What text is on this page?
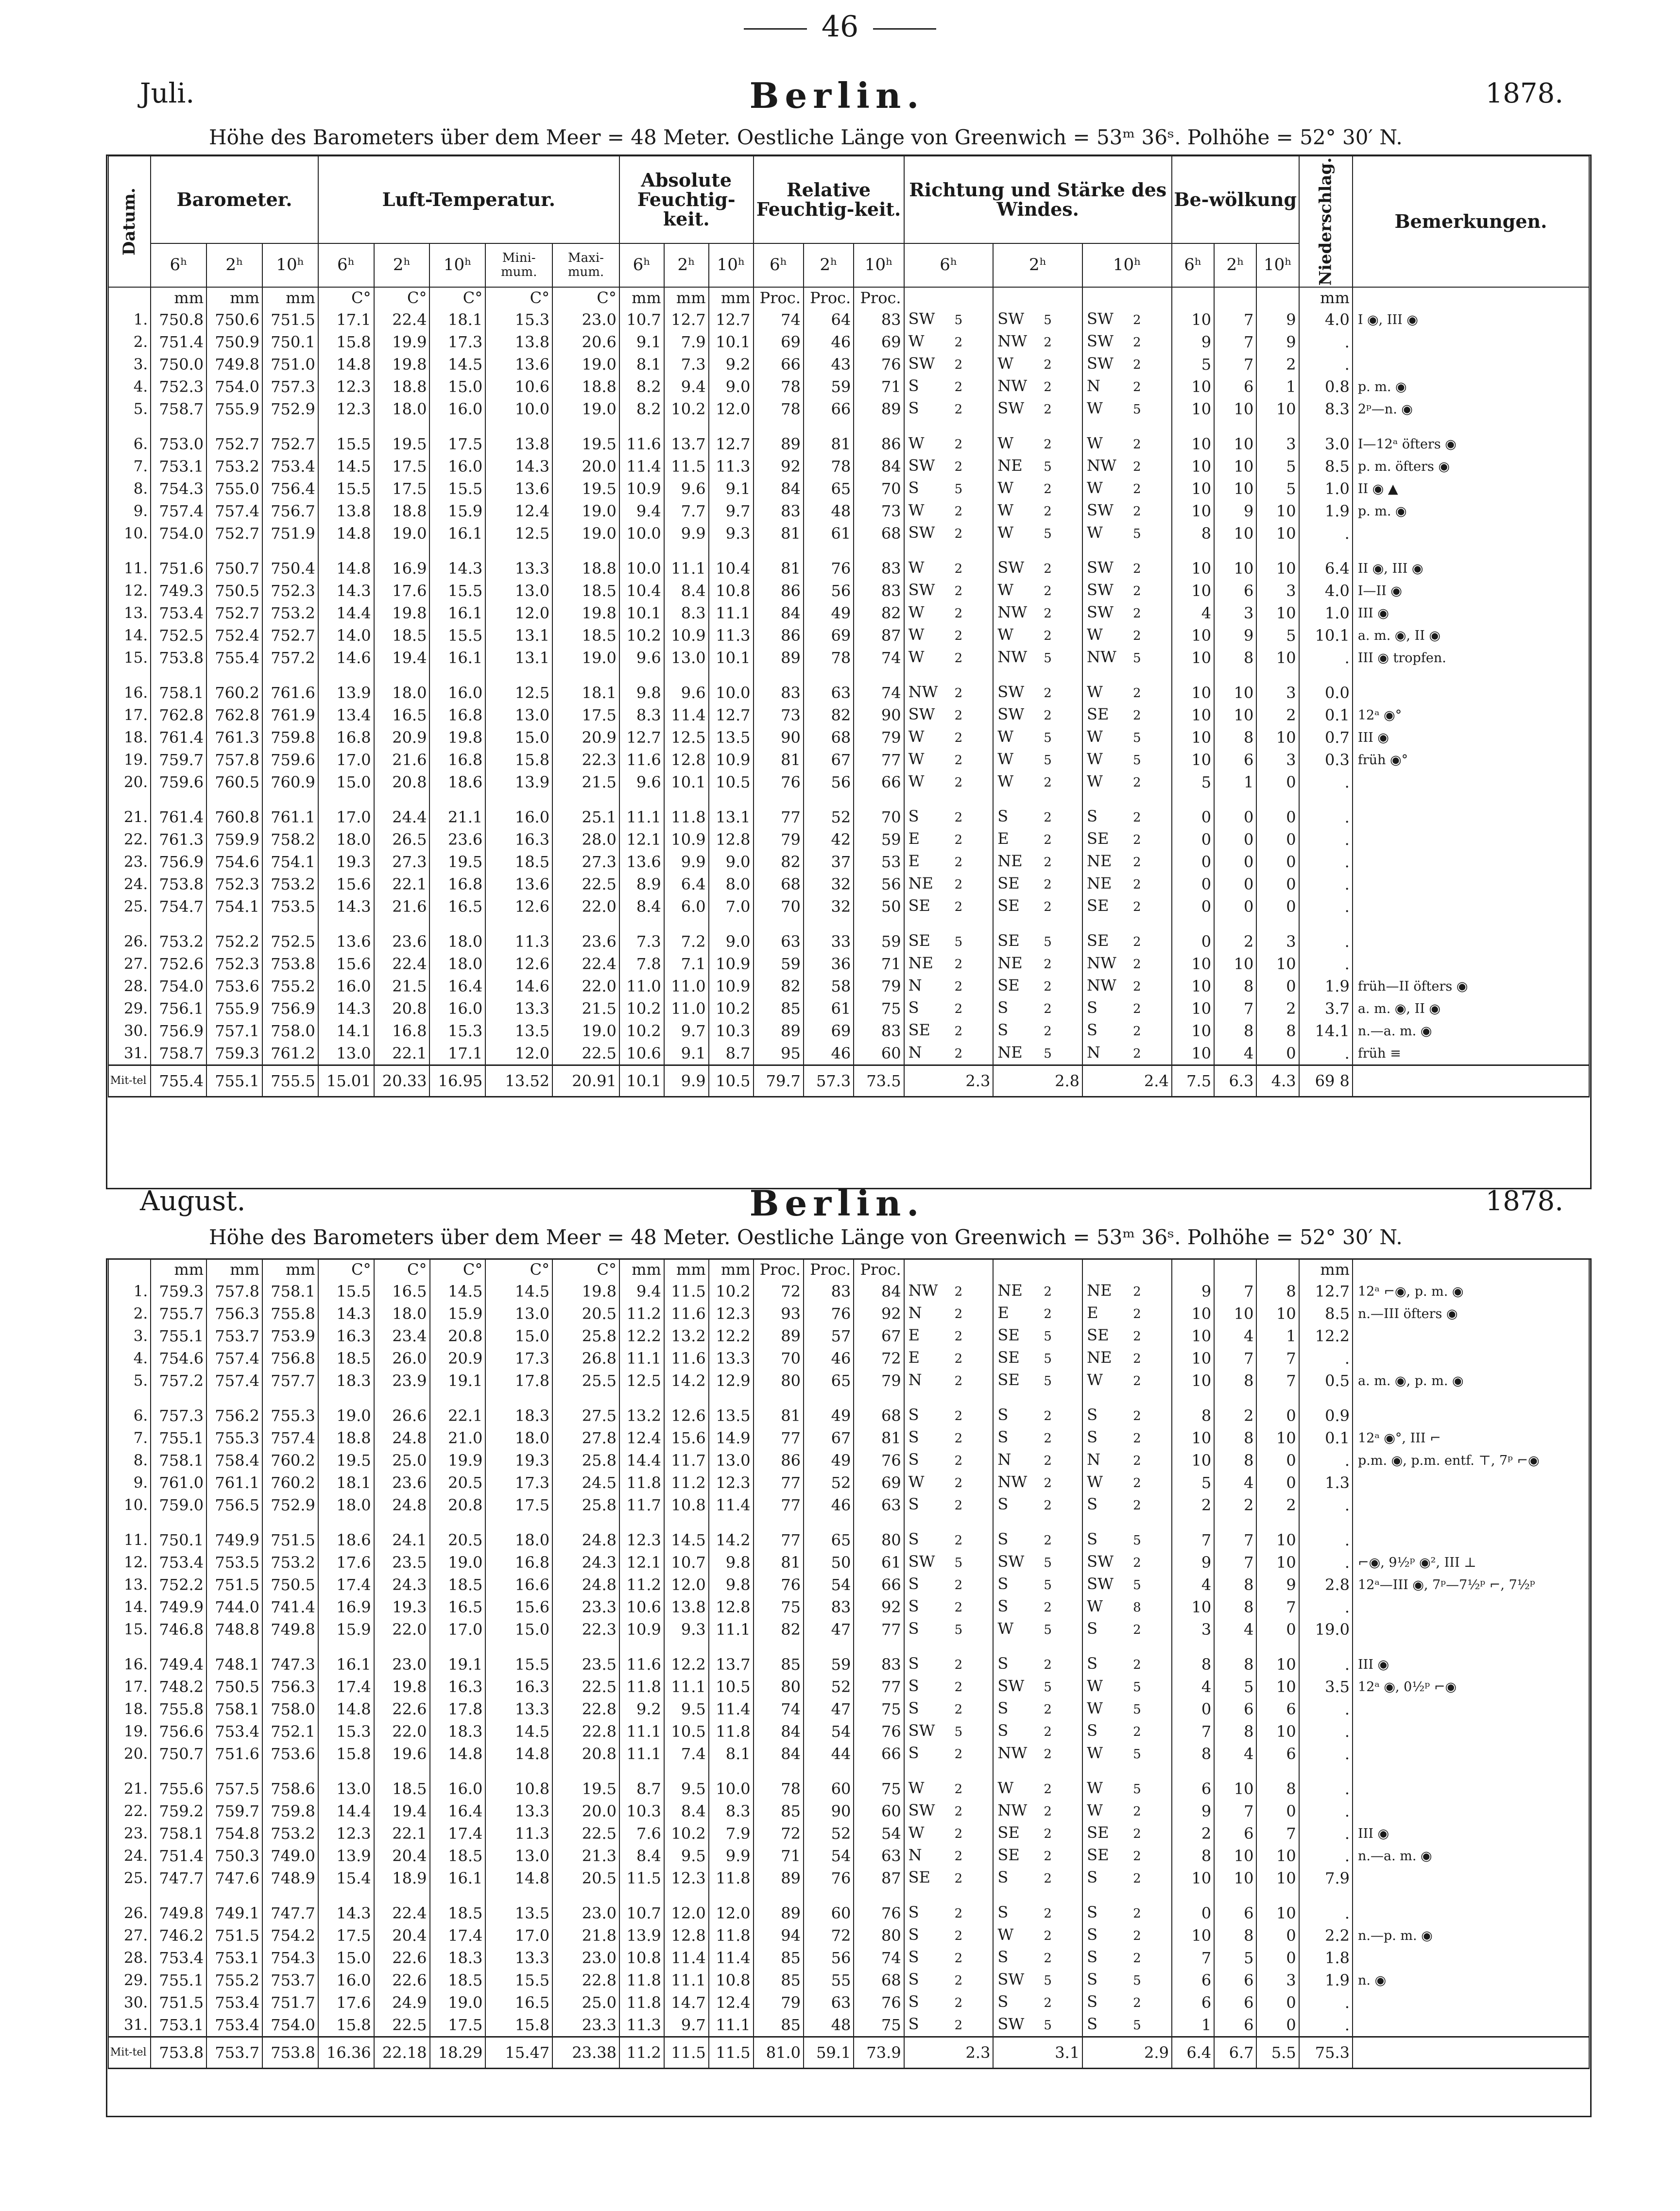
46
Juli.	Berlin.	1878.
Höhe des Barometers über dem Meer = 48 Meter. Oestliche Länge von Greenwich = 53ᵐ 36ˢ. Polhöhe = 52° 30′ N.
Datum.	Barometer.			Luft-Temperatur.					Absolute Feuchtig-keit.			Relative Feuchtig-keit.			Richtung und Stärke des Windes.			Be-wölkung			Niederschlag.	Bemerkungen.
	6ʰ	2ʰ	10ʰ	6ʰ	2ʰ	10ʰ	Mini-mum.	Maxi-mum.	6ʰ	2ʰ	10ʰ	6ʰ	2ʰ	10ʰ	6ʰ	2ʰ	10ʰ	6ʰ	2ʰ	10ʰ		
	mm	mm	mm	C°	C°	C°	C°	C°	mm	mm	mm	Proc.	Proc.	Proc.							mm	
1.	750.8	750.6	751.5	17.1	22.4	18.1	15.3	23.0	10.7	12.7	12.7	74	64	83	SW 5	SW 5	SW 2	10	7	9	4.0	I ◉, III ◉
2.	751.4	750.9	750.1	15.8	19.9	17.3	13.8	20.6	9.1	7.9	10.1	69	46	69	W 2	NW 2	SW 2	9	7	9	.	
3.	750.0	749.8	751.0	14.8	19.8	14.5	13.6	19.0	8.1	7.3	9.2	66	43	76	SW 2	W 2	SW 2	5	7	2	.	
4.	752.3	754.0	757.3	12.3	18.8	15.0	10.6	18.8	8.2	9.4	9.0	78	59	71	S 2	NW 2	N 2	10	6	1	0.8	p. m. ◉
5.	758.7	755.9	752.9	12.3	18.0	16.0	10.0	19.0	8.2	10.2	12.0	78	66	89	S 2	SW 2	W 5	10	10	10	8.3	2ᵖ—n. ◉

6.	753.0	752.7	752.7	15.5	19.5	17.5	13.8	19.5	11.6	13.7	12.7	89	81	86	W 2	W 2	W 2	10	10	3	3.0	I—12ᵃ öfters ◉
7.	753.1	753.2	753.4	14.5	17.5	16.0	14.3	20.0	11.4	11.5	11.3	92	78	84	SW 2	NE 5	NW 2	10	10	5	8.5	p. m. öfters ◉
8.	754.3	755.0	756.4	15.5	17.5	15.5	13.6	19.5	10.9	9.6	9.1	84	65	70	S 5	W 2	W 2	10	10	5	1.0	II ◉ ▲
9.	757.4	757.4	756.7	13.8	18.8	15.9	12.4	19.0	9.4	7.7	9.7	83	48	73	W 2	W 2	SW 2	10	9	10	1.9	p. m. ◉
10.	754.0	752.7	751.9	14.8	19.0	16.1	12.5	19.0	10.0	9.9	9.3	81	61	68	SW 2	W 5	W 5	8	10	10	.	

11.	751.6	750.7	750.4	14.8	16.9	14.3	13.3	18.8	10.0	11.1	10.4	81	76	83	W 2	SW 2	SW 2	10	10	10	6.4	II ◉, III ◉
12.	749.3	750.5	752.3	14.3	17.6	15.5	13.0	18.5	10.4	8.4	10.8	86	56	83	SW 2	W 2	SW 2	10	6	3	4.0	I—II ◉
13.	753.4	752.7	753.2	14.4	19.8	16.1	12.0	19.8	10.1	8.3	11.1	84	49	82	W 2	NW 2	SW 2	4	3	10	1.0	III ◉
14.	752.5	752.4	752.7	14.0	18.5	15.5	13.1	18.5	10.2	10.9	11.3	86	69	87	W 2	W 2	W 2	10	9	5	10.1	a. m. ◉, II ◉
15.	753.8	755.4	757.2	14.6	19.4	16.1	13.1	19.0	9.6	13.0	10.1	89	78	74	W 2	NW 5	NW 5	10	8	10	.	III ◉ tropfen.

16.	758.1	760.2	761.6	13.9	18.0	16.0	12.5	18.1	9.8	9.6	10.0	83	63	74	NW 2	SW 2	W 2	10	10	3	0.0	
17.	762.8	762.8	761.9	13.4	16.5	16.8	13.0	17.5	8.3	11.4	12.7	73	82	90	SW 2	SW 2	SE 2	10	10	2	0.1	12ᵃ ◉°
18.	761.4	761.3	759.8	16.8	20.9	19.8	15.0	20.9	12.7	12.5	13.5	90	68	79	W 2	W 5	W 5	10	8	10	0.7	III ◉
19.	759.7	757.8	759.6	17.0	21.6	16.8	15.8	22.3	11.6	12.8	10.9	81	67	77	W 2	W 5	W 5	10	6	3	0.3	früh ◉°
20.	759.6	760.5	760.9	15.0	20.8	18.6	13.9	21.5	9.6	10.1	10.5	76	56	66	W 2	W 2	W 2	5	1	0	.	

21.	761.4	760.8	761.1	17.0	24.4	21.1	16.0	25.1	11.1	11.8	13.1	77	52	70	S 2	S 2	S 2	0	0	0	.	
22.	761.3	759.9	758.2	18.0	26.5	23.6	16.3	28.0	12.1	10.9	12.8	79	42	59	E 2	E 2	SE 2	0	0	0	.	
23.	756.9	754.6	754.1	19.3	27.3	19.5	18.5	27.3	13.6	9.9	9.0	82	37	53	E 2	NE 2	NE 2	0	0	0	.	
24.	753.8	752.3	753.2	15.6	22.1	16.8	13.6	22.5	8.9	6.4	8.0	68	32	56	NE 2	SE 2	NE 2	0	0	0	.	
25.	754.7	754.1	753.5	14.3	21.6	16.5	12.6	22.0	8.4	6.0	7.0	70	32	50	SE 2	SE 2	SE 2	0	0	0	.	

26.	753.2	752.2	752.5	13.6	23.6	18.0	11.3	23.6	7.3	7.2	9.0	63	33	59	SE 5	SE 5	SE 2	0	2	3	.	
27.	752.6	752.3	753.8	15.6	22.4	18.0	12.6	22.4	7.8	7.1	10.9	59	36	71	NE 2	NE 2	NW 2	10	10	10	.	
28.	754.0	753.6	755.2	16.0	21.5	16.4	14.6	22.0	11.0	11.0	10.9	82	58	79	N 2	SE 2	NW 2	10	8	0	1.9	früh—II öfters ◉
29.	756.1	755.9	756.9	14.3	20.8	16.0	13.3	21.5	10.2	11.0	10.2	85	61	75	S 2	S 2	S 2	10	7	2	3.7	a. m. ◉, II ◉
30.	756.9	757.1	758.0	14.1	16.8	15.3	13.5	19.0	10.2	9.7	10.3	89	69	83	SE 2	S 2	S 2	10	8	8	14.1	n.—a. m. ◉
31.	758.7	759.3	761.2	13.0	22.1	17.1	12.0	22.5	10.6	9.1	8.7	95	46	60	N 2	NE 5	N 2	10	4	0	.	früh ≡
Mit-tel	755.4	755.1	755.5	15.01	20.33	16.95	13.52	20.91	10.1	9.9	10.5	79.7	57.3	73.5	2.3	2.8	2.4	7.5	6.3	4.3	69 8	
August.	Berlin.	1878.
Höhe des Barometers über dem Meer = 48 Meter. Oestliche Länge von Greenwich = 53ᵐ 36ˢ. Polhöhe = 52° 30′ N.
	mm	mm	mm	C°	C°	C°	C°	C°	mm	mm	mm	Proc.	Proc.	Proc.							mm	
1.	759.3	757.8	758.1	15.5	16.5	14.5	14.5	19.8	9.4	11.5	10.2	72	83	84	NW 2	NE 2	NE 2	9	7	8	12.7	12ᵃ ⌐◉, p. m. ◉
2.	755.7	756.3	755.8	14.3	18.0	15.9	13.0	20.5	11.2	11.6	12.3	93	76	92	N 2	E 2	E 2	10	10	10	8.5	n.—III öfters ◉
3.	755.1	753.7	753.9	16.3	23.4	20.8	15.0	25.8	12.2	13.2	12.2	89	57	67	E 2	SE 5	SE 2	10	4	1	12.2	
4.	754.6	757.4	756.8	18.5	26.0	20.9	17.3	26.8	11.1	11.6	13.3	70	46	72	E 2	SE 5	NE 2	10	7	7	.	
5.	757.2	757.4	757.7	18.3	23.9	19.1	17.8	25.5	12.5	14.2	12.9	80	65	79	N 2	SE 5	W 2	10	8	7	0.5	a. m. ◉, p. m. ◉

6.	757.3	756.2	755.3	19.0	26.6	22.1	18.3	27.5	13.2	12.6	13.5	81	49	68	S 2	S 2	S 2	8	2	0	0.9	
7.	755.1	755.3	757.4	18.8	24.8	21.0	18.0	27.8	12.4	15.6	14.9	77	67	81	S 2	S 2	S 2	10	8	10	0.1	12ᵃ ◉°, III ⌐
8.	758.1	758.4	760.2	19.5	25.0	19.9	19.3	25.8	14.4	11.7	13.0	86	49	76	S 2	N 2	N 2	10	8	0	.	p.m. ◉, p.m. entf. ⊤, 7ᵖ ⌐◉
9.	761.0	761.1	760.2	18.1	23.6	20.5	17.3	24.5	11.8	11.2	12.3	77	52	69	W 2	NW 2	W 2	5	4	0	1.3	
10.	759.0	756.5	752.9	18.0	24.8	20.8	17.5	25.8	11.7	10.8	11.4	77	46	63	S 2	S 2	S 2	2	2	2	.	

11.	750.1	749.9	751.5	18.6	24.1	20.5	18.0	24.8	12.3	14.5	14.2	77	65	80	S 2	S 2	S 5	7	7	10	.	
12.	753.4	753.5	753.2	17.6	23.5	19.0	16.8	24.3	12.1	10.7	9.8	81	50	61	SW 5	SW 5	SW 2	9	7	10	.	⌐◉, 9½ᵖ ◉², III ⊥
13.	752.2	751.5	750.5	17.4	24.3	18.5	16.6	24.8	11.2	12.0	9.8	76	54	66	S 2	S 5	SW 5	4	8	9	2.8	12ᵃ—III ◉, 7ᵖ—7½ᵖ ⌐, 7½ᵖ
14.	749.9	744.0	741.4	16.9	19.3	16.5	15.6	23.3	10.6	13.8	12.8	75	83	92	S 2	S 2	W 8	10	8	7	.	
15.	746.8	748.8	749.8	15.9	22.0	17.0	15.0	22.3	10.9	9.3	11.1	82	47	77	S 5	W 5	S 2	3	4	0	19.0	

16.	749.4	748.1	747.3	16.1	23.0	19.1	15.5	23.5	11.6	12.2	13.7	85	59	83	S 2	S 2	S 2	8	8	10	.	III ◉
17.	748.2	750.5	756.3	17.4	19.8	16.3	16.3	22.5	11.8	11.1	10.5	80	52	77	S 2	SW 5	W 5	4	5	10	3.5	12ᵃ ◉, 0½ᵖ ⌐◉
18.	755.8	758.1	758.0	14.8	22.6	17.8	13.3	22.8	9.2	9.5	11.4	74	47	75	S 2	S 2	W 5	0	6	6	.	
19.	756.6	753.4	752.1	15.3	22.0	18.3	14.5	22.8	11.1	10.5	11.8	84	54	76	SW 5	S 2	S 2	7	8	10	.	
20.	750.7	751.6	753.6	15.8	19.6	14.8	14.8	20.8	11.1	7.4	8.1	84	44	66	S 2	NW 2	W 5	8	4	6	.	

21.	755.6	757.5	758.6	13.0	18.5	16.0	10.8	19.5	8.7	9.5	10.0	78	60	75	W 2	W 2	W 5	6	10	8	.	
22.	759.2	759.7	759.8	14.4	19.4	16.4	13.3	20.0	10.3	8.4	8.3	85	90	60	SW 2	NW 2	W 2	9	7	0	.	
23.	758.1	754.8	753.2	12.3	22.1	17.4	11.3	22.5	7.6	10.2	7.9	72	52	54	W 2	SE 2	SE 2	2	6	7	.	III ◉
24.	751.4	750.3	749.0	13.9	20.4	18.5	13.0	21.3	8.4	9.5	9.9	71	54	63	N 2	SE 2	SE 2	8	10	10	.	n.—a. m. ◉
25.	747.7	747.6	748.9	15.4	18.9	16.1	14.8	20.5	11.5	12.3	11.8	89	76	87	SE 2	S 2	S 2	10	10	10	7.9	

26.	749.8	749.1	747.7	14.3	22.4	18.5	13.5	23.0	10.7	12.0	12.0	89	60	76	S 2	S 2	S 2	0	6	10	.	
27.	746.2	751.5	754.2	17.5	20.4	17.4	17.0	21.8	13.9	12.8	11.8	94	72	80	S 2	W 2	S 2	10	8	0	2.2	n.—p. m. ◉
28.	753.4	753.1	754.3	15.0	22.6	18.3	13.3	23.0	10.8	11.4	11.4	85	56	74	S 2	S 2	S 2	7	5	0	1.8	
29.	755.1	755.2	753.7	16.0	22.6	18.5	15.5	22.8	11.8	11.1	10.8	85	55	68	S 2	SW 5	S 5	6	6	3	1.9	n. ◉
30.	751.5	753.4	751.7	17.6	24.9	19.0	16.5	25.0	11.8	14.7	12.4	79	63	76	S 2	S 2	S 2	6	6	0	.	
31.	753.1	753.4	754.0	15.8	22.5	17.5	15.8	23.3	11.3	9.7	11.1	85	48	75	S 2	SW 5	S 5	1	6	0	.	
Mit-tel	753.8	753.7	753.8	16.36	22.18	18.29	15.47	23.38	11.2	11.5	11.5	81.0	59.1	73.9	2.3	3.1	2.9	6.4	6.7	5.5	75.3	
